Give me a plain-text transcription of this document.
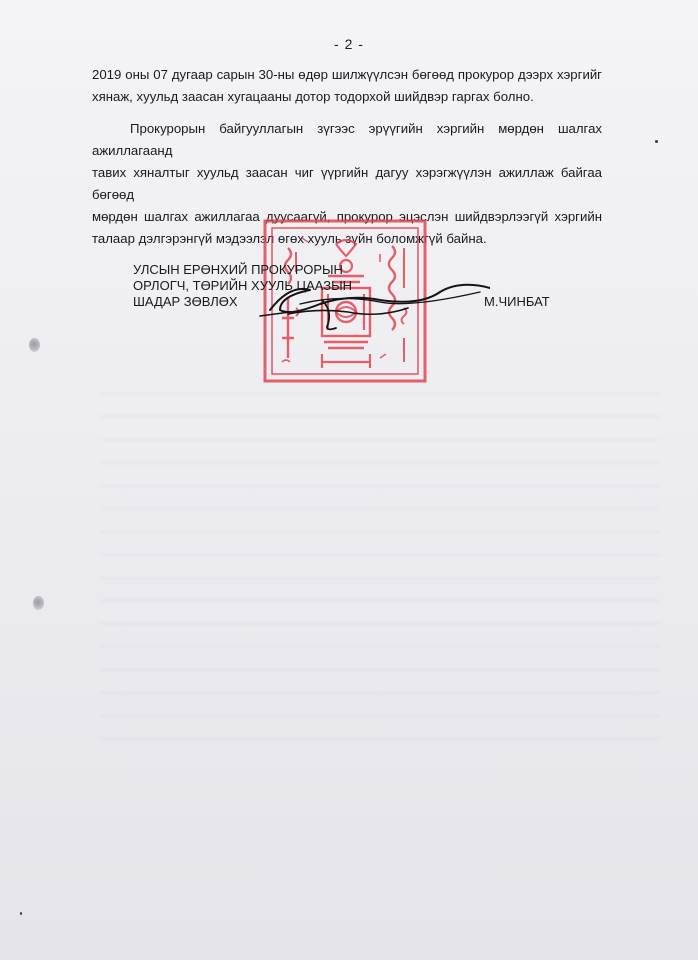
- 2 -
2019 оны 07 дугаар сарын 30-ны өдөр шилжүүлсэн бөгөөд прокурор дээрх хэргийг
хянаж, хуульд заасан хугацааны дотор тодорхой шийдвэр гаргах болно.
Прокурорын байгууллагын зүгээс эрүүгийн хэргийн мөрдөн шалгах ажиллагаанд
тавих хяналтыг хуульд заасан чиг үүргийн дагуу хэрэгжүүлэн ажиллаж байгаа бөгөөд
мөрдөн шалгах ажиллагаа дуусаагүй, прокурор эцэслэн шийдвэрлээгүй хэргийн
талаар дэлгэрэнгүй мэдээлэл өгөх хууль зүйн боломжгүй байна.
УЛСЫН ЕРӨНХИЙ ПРОКУРОРЫН
ОРЛОГЧ, ТӨРИЙН ХУУЛЬ ЦААЗЫН
ШАДАР ЗӨВЛӨХ	М.ЧИНБАТ
